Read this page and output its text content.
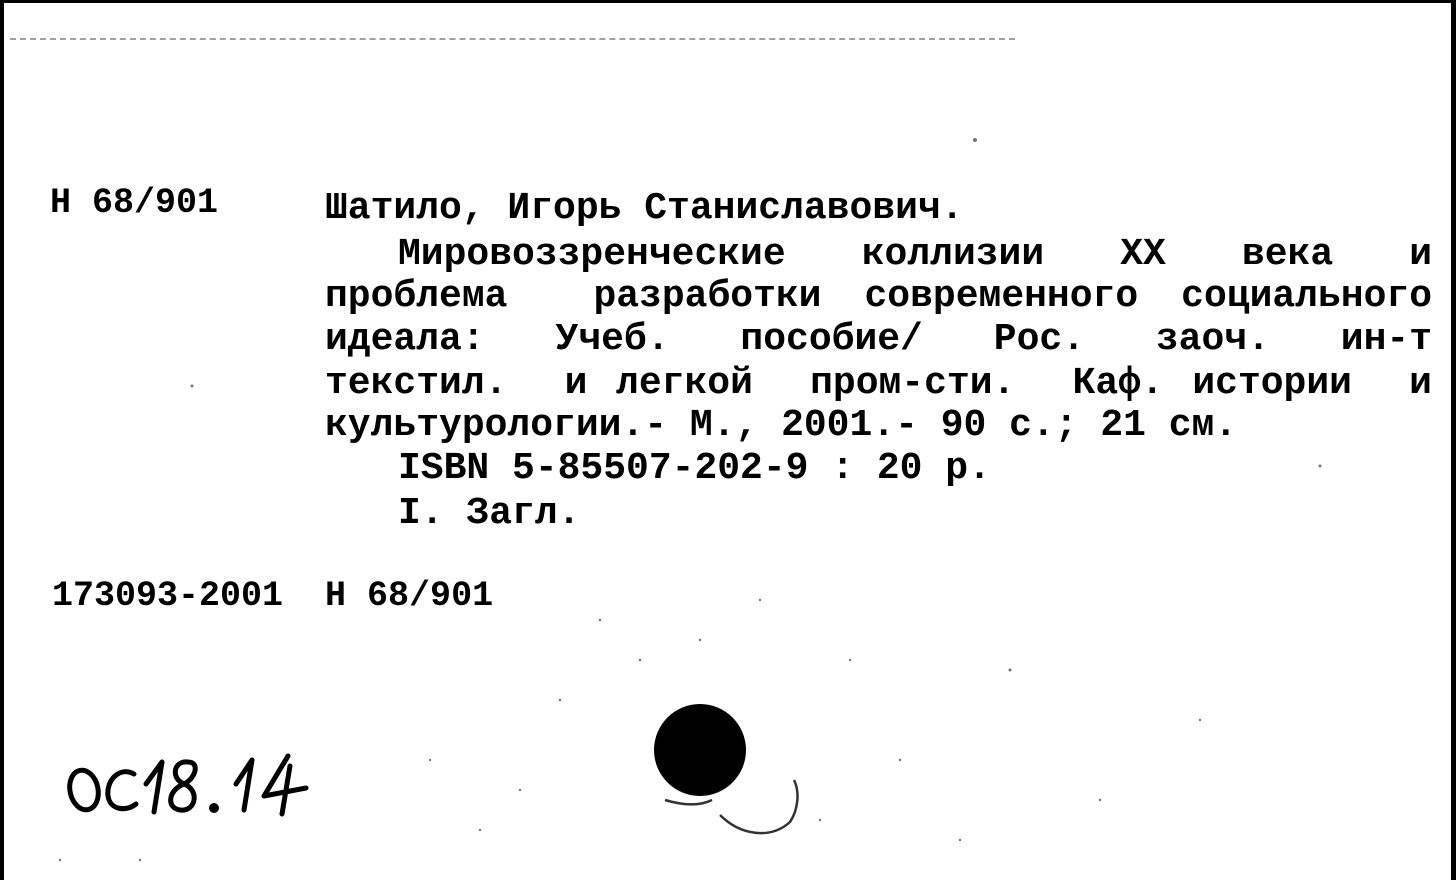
Н 68/901	Шатило, Игорь Станиславович.
Мировоззренческие  коллизии  XX  века  и
проблема  разработки современного социального
идеала:  Учеб.  пособие/  Рос.  заоч.  ин-т
текстил.  и легкой  пром-сти.  Каф. истории  и
культурологии.- М., 2001.- 90 с.; 21 см.
ISBN 5-85507-202-9 : 20 р.
I. Загл.
173093-2001  Н 68/901
